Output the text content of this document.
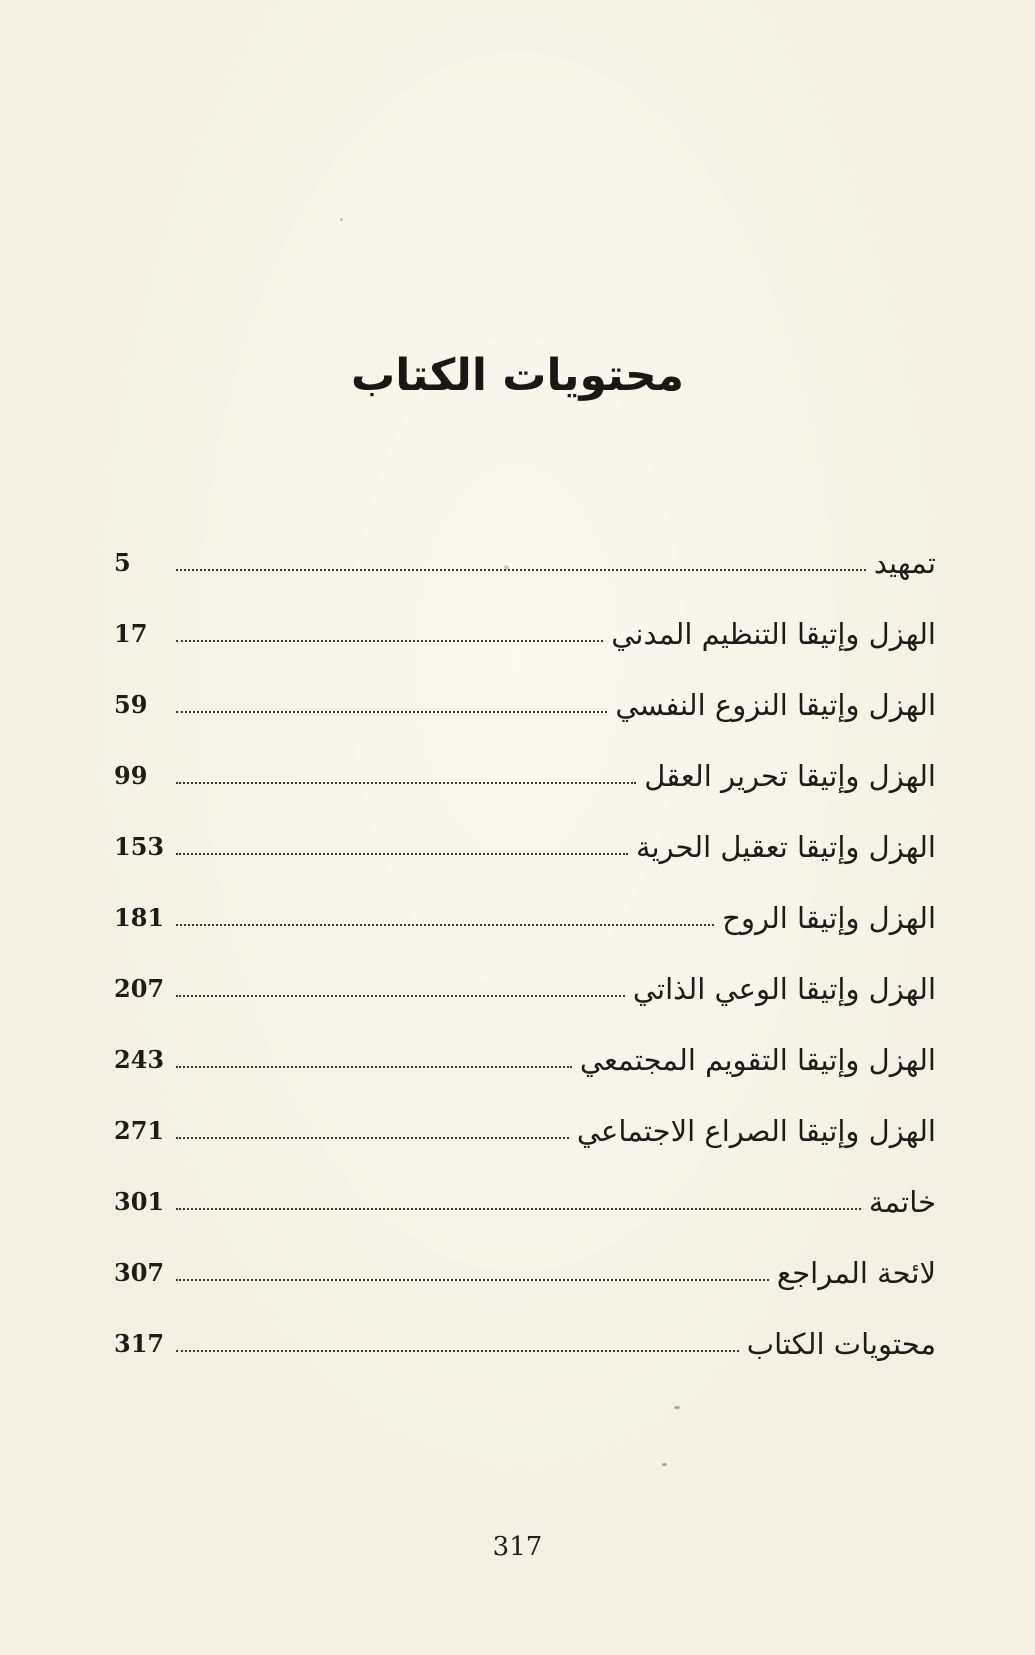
محتويات الكتاب
تمهيد
5
الهزل وإتيقا التنظيم المدني
17
الهزل وإتيقا النزوع النفسي
59
الهزل وإتيقا تحرير العقل
99
الهزل وإتيقا تعقيل الحرية
153
الهزل وإتيقا الروح
181
الهزل وإتيقا الوعي الذاتي
207
الهزل وإتيقا التقويم المجتمعي
243
الهزل وإتيقا الصراع الاجتماعي
271
خاتمة
301
لائحة المراجع
307
محتويات الكتاب
317
317
